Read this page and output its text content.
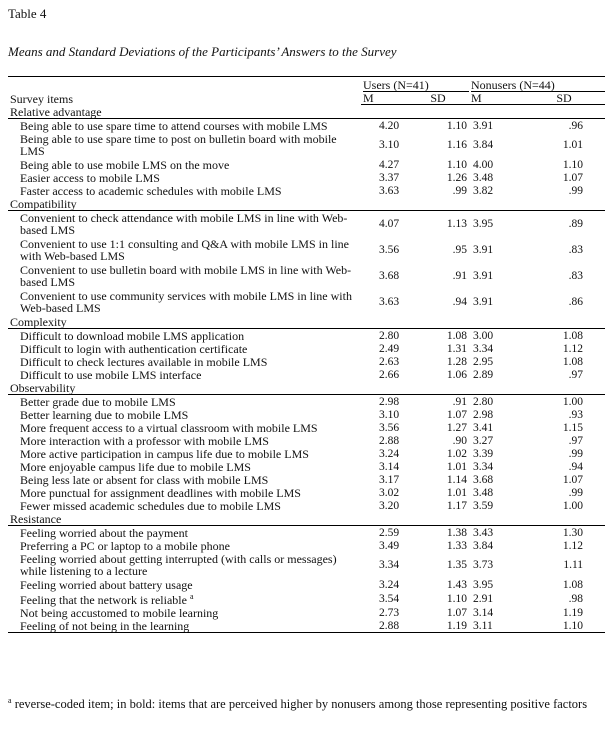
Table 4
Means and Standard Deviations of the Participants’ Answers to the Survey
Survey items	Users (N=41)		Nonusers (N=44)	
	M	SD	M	SD
Relative advantage				
Being able to use spare time to attend courses with mobile LMS	4.20	1.10	3.91	.96
Being able to use spare time to post on bulletin board with mobile LMS	3.10	1.16	3.84	1.01
Being able to use mobile LMS on the move	4.27	1.10	4.00	1.10
Easier access to mobile LMS	3.37	1.26	3.48	1.07
Faster access to academic schedules with mobile LMS	3.63	.99	3.82	.99
Compatibility				
Convenient to check attendance with mobile LMS in line with Web-based LMS	4.07	1.13	3.95	.89
Convenient to use 1:1 consulting and Q&A with mobile LMS in line with Web-based LMS	3.56	.95	3.91	.83
Convenient to use bulletin board with mobile LMS in line with Web-based LMS	3.68	.91	3.91	.83
Convenient to use community services with mobile LMS in line with Web-based LMS	3.63	.94	3.91	.86
Complexity				
Difficult to download mobile LMS application	2.80	1.08	3.00	1.08
Difficult to login with authentication certificate	2.49	1.31	3.34	1.12
Difficult to check lectures available in mobile LMS	2.63	1.28	2.95	1.08
Difficult to use mobile LMS interface	2.66	1.06	2.89	.97
Observability				
Better grade due to mobile LMS	2.98	.91	2.80	1.00
Better learning due to mobile LMS	3.10	1.07	2.98	.93
More frequent access to a virtual classroom with mobile LMS	3.56	1.27	3.41	1.15
More interaction with a professor with mobile LMS	2.88	.90	3.27	.97
More active participation in campus life due to mobile LMS	3.24	1.02	3.39	.99
More enjoyable campus life due to mobile LMS	3.14	1.01	3.34	.94
Being less late or absent for class with mobile LMS	3.17	1.14	3.68	1.07
More punctual for assignment deadlines with mobile LMS	3.02	1.01	3.48	.99
Fewer missed academic schedules due to mobile LMS	3.20	1.17	3.59	1.00
Resistance				
Feeling worried about the payment	2.59	1.38	3.43	1.30
Preferring a PC or laptop to a mobile phone	3.49	1.33	3.84	1.12
Feeling worried about getting interrupted (with calls or messages) while listening to a lecture	3.34	1.35	3.73	1.11
Feeling worried about battery usage	3.24	1.43	3.95	1.08
Feeling that the network is reliable $^a$	3.54	1.10	2.91	.98
Not being accustomed to mobile learning	2.73	1.07	3.14	1.19
Feeling of not being in the learning	2.88	1.19	3.11	1.10
$^a$ reverse-coded item; in bold: items that are perceived higher by nonusers among those representing positive factors
